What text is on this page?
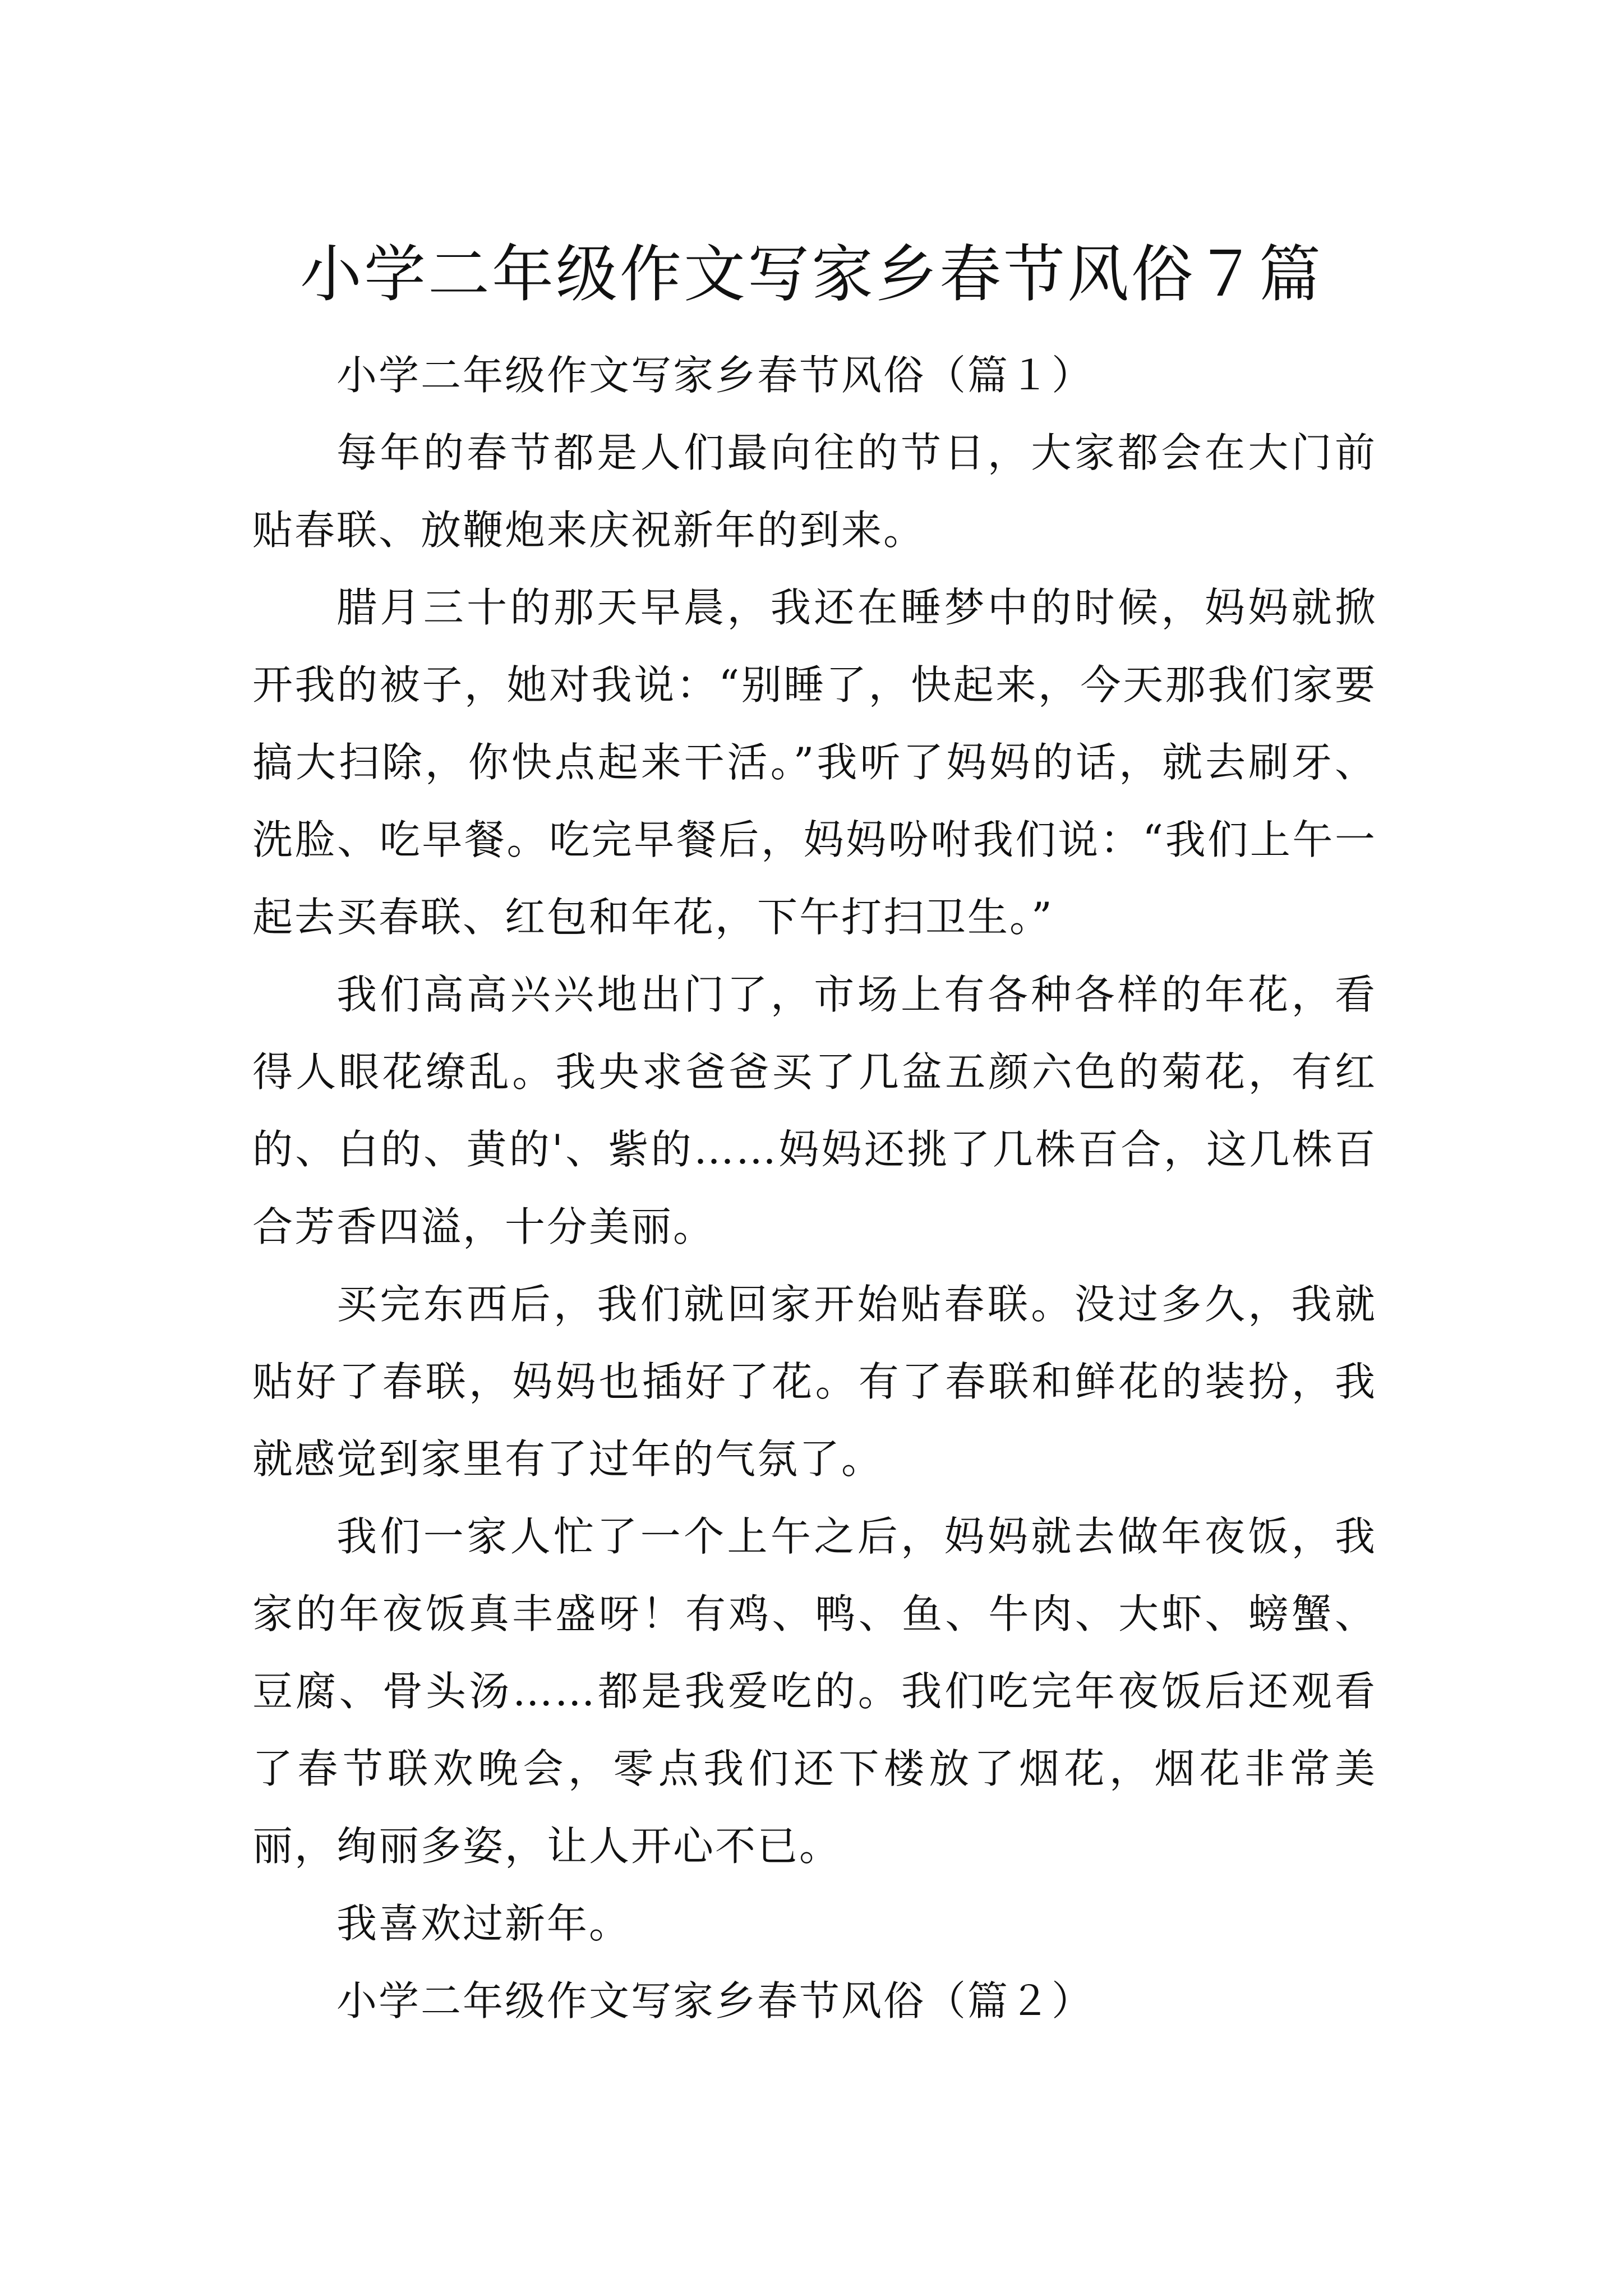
小学二年级作文写家乡春节风俗７篇

小学二年级作文写家乡春节风俗（篇１）

每年的春节都是人们最向往的节日，大家都会在大门前贴春联、放鞭炮来庆祝新年的到来。

腊月三十的那天早晨，我还在睡梦中的时候，妈妈就掀开我的被子，她对我说：“别睡了，快起来，今天那我们家要搞大扫除，你快点起来干活。”我听了妈妈的话，就去刷牙、洗脸、吃早餐。吃完早餐后，妈妈吩咐我们说：“我们上午一起去买春联、红包和年花，下午打扫卫生。”

我们高高兴兴地出门了，市场上有各种各样的年花，看得人眼花缭乱。我央求爸爸买了几盆五颜六色的菊花，有红的、白的、黄的'、紫的……妈妈还挑了几株百合，这几株百合芳香四溢，十分美丽。

买完东西后，我们就回家开始贴春联。没过多久，我就贴好了春联，妈妈也插好了花。有了春联和鲜花的装扮，我就感觉到家里有了过年的气氛了。

我们一家人忙了一个上午之后，妈妈就去做年夜饭，我家的年夜饭真丰盛呀！有鸡、鸭、鱼、牛肉、大虾、螃蟹、豆腐、骨头汤……都是我爱吃的。我们吃完年夜饭后还观看了春节联欢晚会，零点我们还下楼放了烟花，烟花非常美丽，绚丽多姿，让人开心不已。

我喜欢过新年。

小学二年级作文写家乡春节风俗（篇２）
